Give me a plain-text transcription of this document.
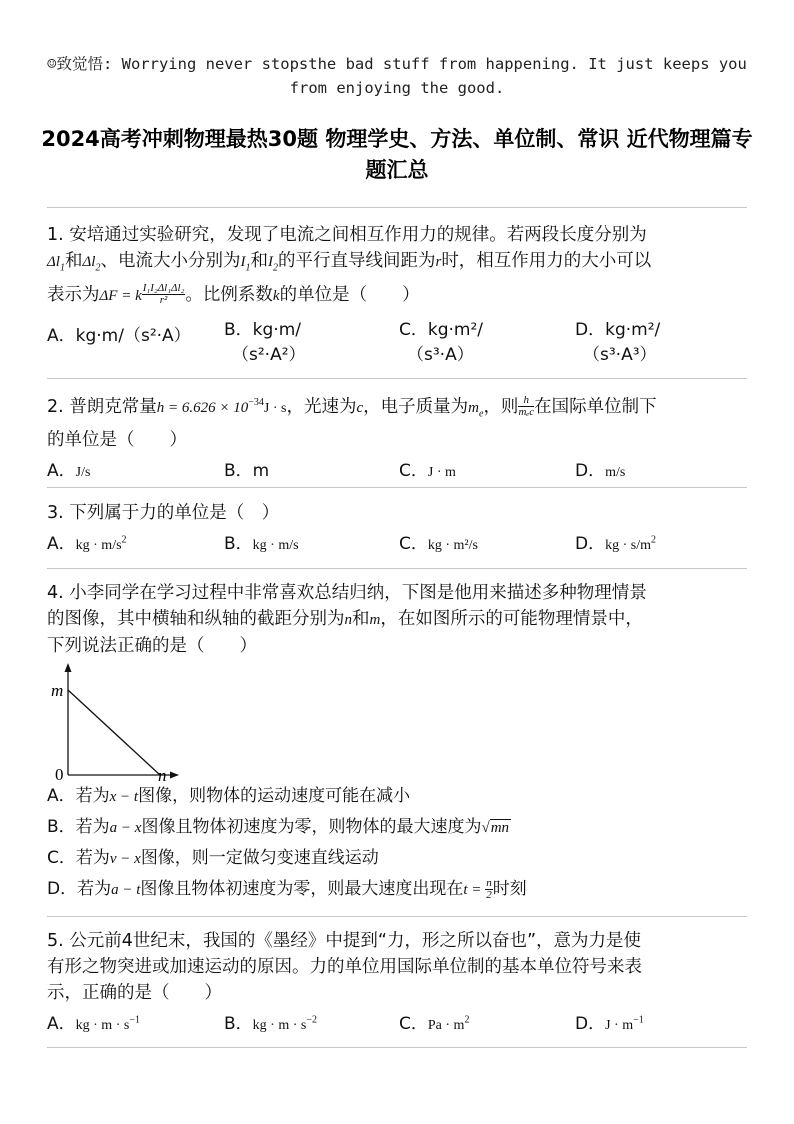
☺致觉悟: Worrying never stopsthe bad stuff from happening. It just keeps you from enjoying the good.
2024高考冲刺物理最热30题 物理学史、方法、单位制、常识 近代物理篇专题汇总
1. 安培通过实验研究，发现了电流之间相互作用力的规律。若两段长度分别为
$\Delta l_1$和$\Delta l_2$、电流大小分别为$I_1$和$I_2$的平行直导线间距为r时，相互作用力的大小可以
表示为ΔF = k $\frac{\text{I₁I₂Δl₁Δl₂}}{\text{r²}}$ 。比例系数k的单位是（　　）
A．kg·m/（s²·A） B．kg·m/
（s²·A²）
C．kg·m²/
（s³·A）
D．kg·m²/
（s³·A³）
2. 普朗克常量$h = 6.626 \times 10^{-34}J \cdot s$，光速为c，电子质量为$m_e$，则 $\frac{h}{\text{mₑc}}$ 在国际单位制下
的单位是（　　）
A．J/s	B．m	C．J · m	D．m/s
3. 下列属于力的单位是（　）
A．kg · $m/s^2$	B．kg · m/s	C．kg · m²/s	D．kg · $s/m^2$
4. 小李同学在学习过程中非常喜欢总结归纳，下图是他用来描述多种物理情景
的图像，其中横轴和纵轴的截距分别为n和m，在如图所示的可能物理情景中，
下列说法正确的是（　　）
m
0	n
A．若为x − t图像，则物体的运动速度可能在减小
B．若为a − x图像且物体初速度为零，则物体的最大速度为√mn
C．若为v − x图像，则一定做匀变速直线运动
D．若为a − t图像且物体初速度为零，则最大速度出现在$t = \frac{n}{2}$ 时刻
5. 公元前4世纪末，我国的《墨经》中提到“力，形之所以奋也”，意为力是使
有形之物突进或加速运动的原因。力的单位用国际单位制的基本单位符号来表
示，正确的是（　　）
A．kg · $m \cdot s^{-1}$	B．kg · $m \cdot s^{-2}$	C．$Pa \cdot m^2$	D．$J \cdot m^{-1}$
